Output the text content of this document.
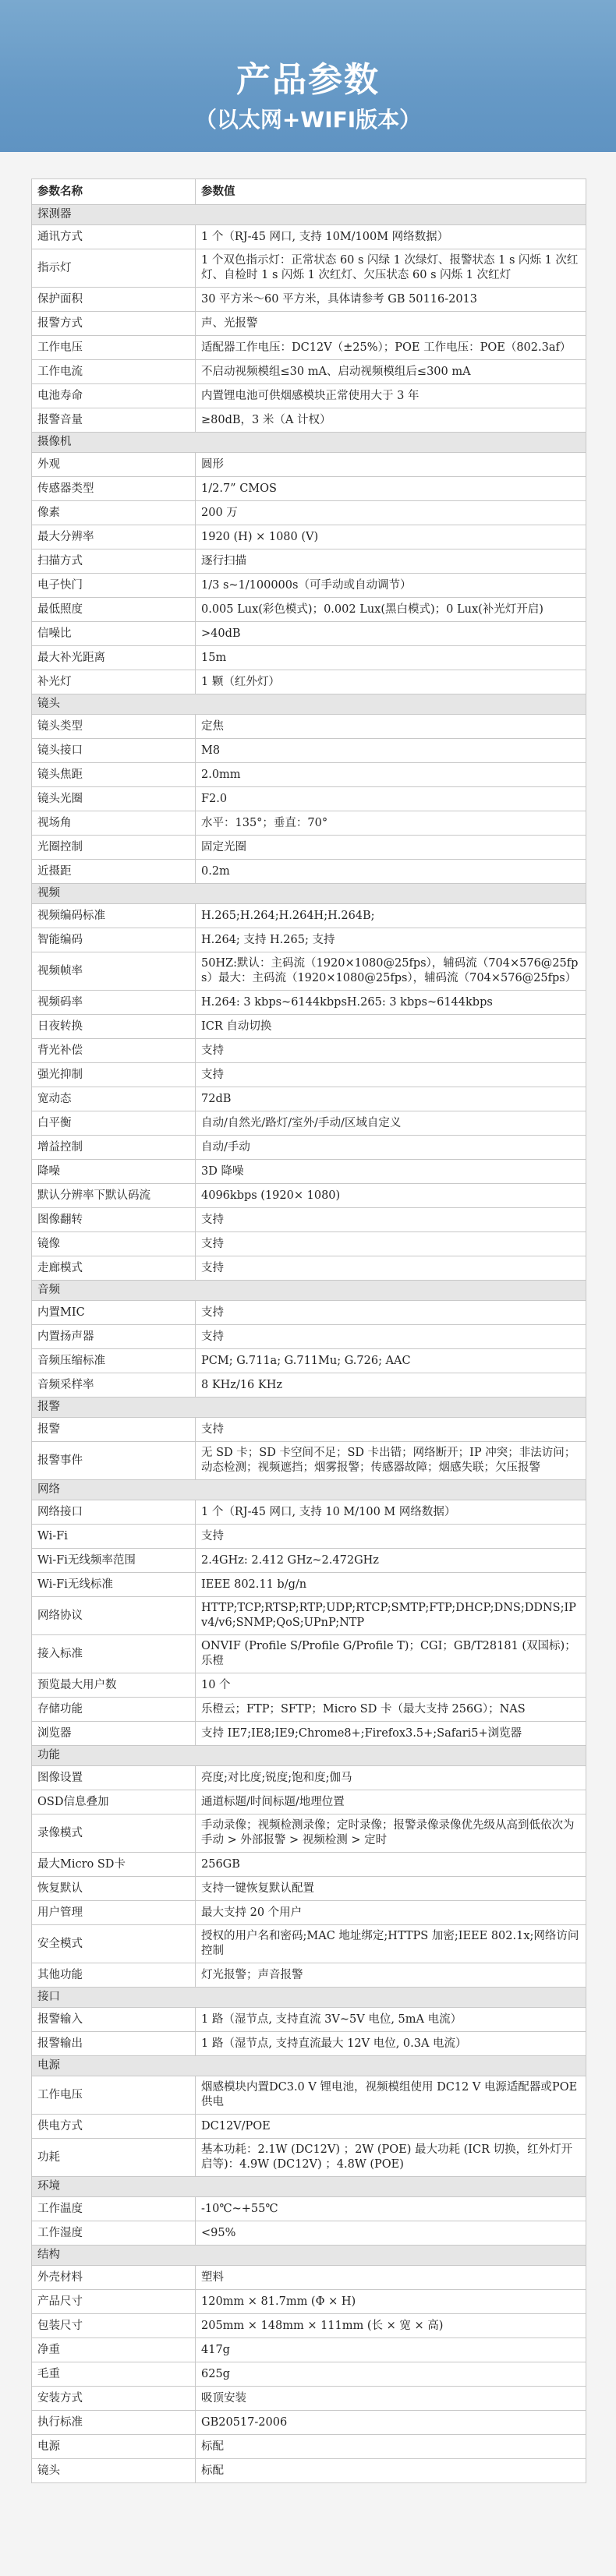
产品参数
（以太网+WIFI版本）
参数名称	参数值
探测器	
通讯方式	1 个（RJ-45 网口, 支持 10M/100M 网络数据）
指示灯	1 个双色指示灯：正常状态 60 s 闪绿 1 次绿灯、报警状态 1 s 闪烁 1 次红灯、自检时 1 s 闪烁 1 次红灯、欠压状态 60 s 闪烁 1 次红灯
保护面积	30 平方米～60 平方米，具体请参考 GB 50116-2013
报警方式	声、光报警
工作电压	适配器工作电压：DC12V（±25%）；POE 工作电压：POE（802.3af）
工作电流	不启动视频模组≤30 mA、启动视频模组后≤300 mA
电池寿命	内置锂电池可供烟感模块正常使用大于 3 年
报警音量	≥80dB，3 米（A 计权）
摄像机	
外观	圆形
传感器类型	1/2.7” CMOS
像素	200 万
最大分辨率	1920 (H) × 1080 (V)
扫描方式	逐行扫描
电子快门	1/3 s~1/100000s（可手动或自动调节）
最低照度	0.005 Lux(彩色模式)；0.002 Lux(黑白模式)；0 Lux(补光灯开启)
信噪比	>40dB
最大补光距离	15m
补光灯	1 颗（红外灯）
镜头	
镜头类型	定焦
镜头接口	M8
镜头焦距	2.0mm
镜头光圈	F2.0
视场角	水平：135°；垂直：70°
光圈控制	固定光圈
近摄距	0.2m
视频	
视频编码标准	H.265;H.264;H.264H;H.264B;
智能编码	H.264; 支持 H.265; 支持
视频帧率	50HZ:默认：主码流（1920×1080@25fps），辅码流（704×576@25fps）最大：主码流（1920×1080@25fps），辅码流（704×576@25fps）
视频码率	H.264: 3 kbps~6144kbpsH.265: 3 kbps~6144kbps
日夜转换	ICR 自动切换
背光补偿	支持
强光抑制	支持
宽动态	72dB
白平衡	自动/自然光/路灯/室外/手动/区域自定义
增益控制	自动/手动
降噪	3D 降噪
默认分辨率下默认码流	4096kbps (1920× 1080)
图像翻转	支持
镜像	支持
走廊模式	支持
音频	
内置MIC	支持
内置扬声器	支持
音频压缩标准	PCM; G.711a; G.711Mu; G.726; AAC
音频采样率	8 KHz/16 KHz
报警	
报警	支持
报警事件	无 SD 卡；SD 卡空间不足；SD 卡出错；网络断开；IP 冲突；非法访问；动态检测；视频遮挡；烟雾报警；传感器故障；烟感失联；欠压报警
网络	
网络接口	1 个（RJ-45 网口, 支持 10 M/100 M 网络数据）
Wi-Fi	支持
Wi-Fi无线频率范围	2.4GHz: 2.412 GHz~2.472GHz
Wi-Fi无线标准	IEEE 802.11 b/g/n
网络协议	HTTP;TCP;RTSP;RTP;UDP;RTCP;SMTP;FTP;DHCP;DNS;DDNS;IPv4/v6;SNMP;QoS;UPnP;NTP
接入标准	ONVIF (Profile S/Profile G/Profile T)；CGI；GB/T28181 (双国标)；乐橙
预览最大用户数	10 个
存储功能	乐橙云；FTP；SFTP；Micro SD 卡（最大支持 256G）；NAS
浏览器	支持 IE7;IE8;IE9;Chrome8+;Firefox3.5+;Safari5+浏览器
功能	
图像设置	亮度;对比度;锐度;饱和度;伽马
OSD信息叠加	通道标题/时间标题/地理位置
录像模式	手动录像；视频检测录像；定时录像；报警录像录像优先级从高到低依次为手动 > 外部报警 > 视频检测 > 定时
最大Micro SD卡	256GB
恢复默认	支持一键恢复默认配置
用户管理	最大支持 20 个用户
安全模式	授权的用户名和密码;MAC 地址绑定;HTTPS 加密;IEEE 802.1x;网络访问控制
其他功能	灯光报警；声音报警
接口	
报警输入	1 路（湿节点, 支持直流 3V~5V 电位, 5mA 电流）
报警输出	1 路（湿节点, 支持直流最大 12V 电位, 0.3A 电流）
电源	
工作电压	烟感模块内置DC3.0 V 锂电池，视频模组使用 DC12 V 电源适配器或POE 供电
供电方式	DC12V/POE
功耗	基本功耗：2.1W (DC12V) ；2W (POE) 最大功耗 (ICR 切换，红外灯开启等)：4.9W (DC12V) ；4.8W (POE)
环境	
工作温度	-10℃~+55℃
工作湿度	<95%
结构	
外壳材料	塑料
产品尺寸	120mm × 81.7mm (Φ × H)
包装尺寸	205mm × 148mm × 111mm (长 × 宽 × 高)
净重	417g
毛重	625g
安装方式	吸顶安装
执行标准	GB20517-2006
电源	标配
镜头	标配
